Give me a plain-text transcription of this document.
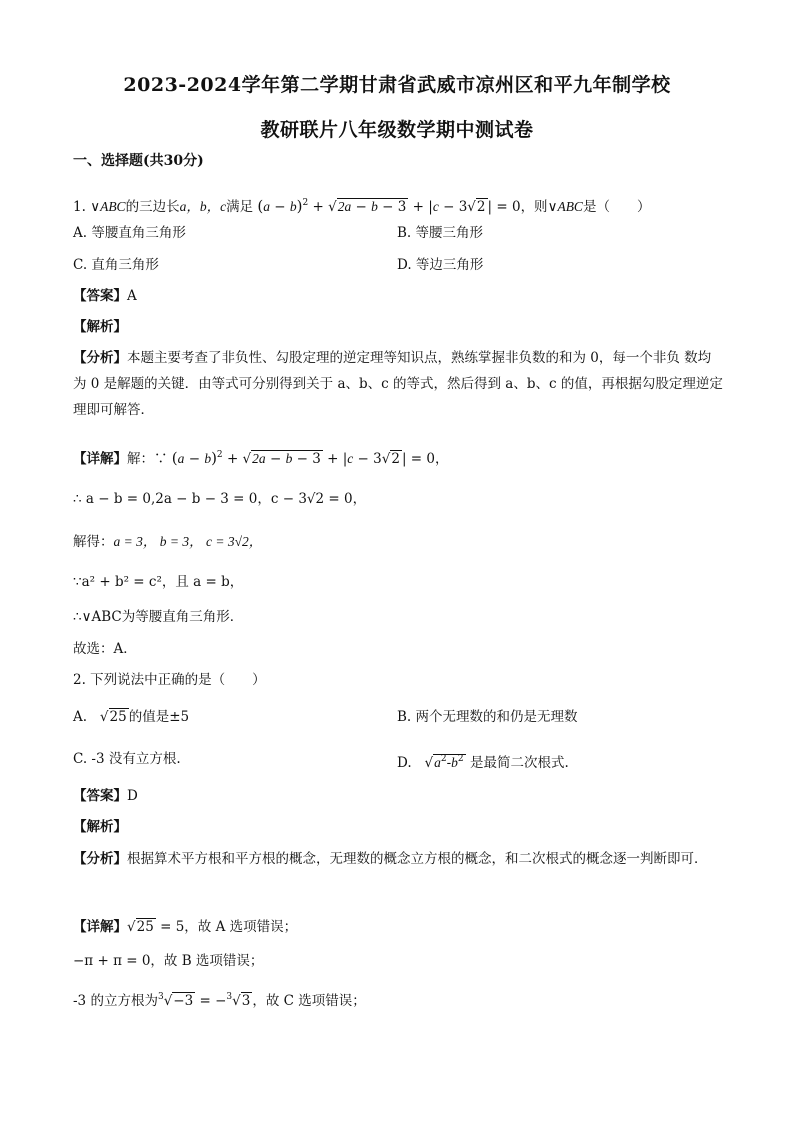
2023-2024学年第二学期甘肃省武威市凉州区和平九年制学校
教研联片八年级数学期中测试卷
一、选择题(共30分)
1. ∨ABC的三边长a，b，c满足 $(a - b)^2 + √2a - b - 3 + |c - 3√2$ | = 0，则∨ABC是（　　）
A. 等腰直角三角形	B. 等腰三角形
C. 直角三角形	D. 等边三角形
【答案】A
【解析】
【分析】本题主要考查了非负性、勾股定理的逆定理等知识点，熟练掌握非负数的和为 0，每一个非负 数均为 0 是解题的关键．由等式可分别得到关于 a、b、c 的等式，然后得到 a、b、c 的值，再根据勾股定理逆定理即可解答．
【详解】解：∵ $(a - b)^2 + √2a - b - 3 + |c - 3√2$ | = 0，
∴ a − b = 0,2a − b − 3 = 0，c − 3√2 = 0，
解得：a = 3， b = 3， c = 3√2，
∵a² + b² = c²，且 a = b，
∴∨ABC为等腰直角三角形．
故选：A．
2. 下列说法中正确的是（　　）
A.   √25 的值是±5	B. 两个无理数的和仍是无理数
C. -3 没有立方根.	D.   $√a^2-b^2$ 是最简二次根式.
【答案】D
【解析】
【分析】根据算术平方根和平方根的概念，无理数的概念立方根的概念，和二次根式的概念逐一判断即可．
【详解】√25 = 5，故 A 选项错误；
−π + π = 0，故 B 选项错误；
-3 的立方根为$^3$√−3 = −$^3$√3 ，故 C 选项错误；
